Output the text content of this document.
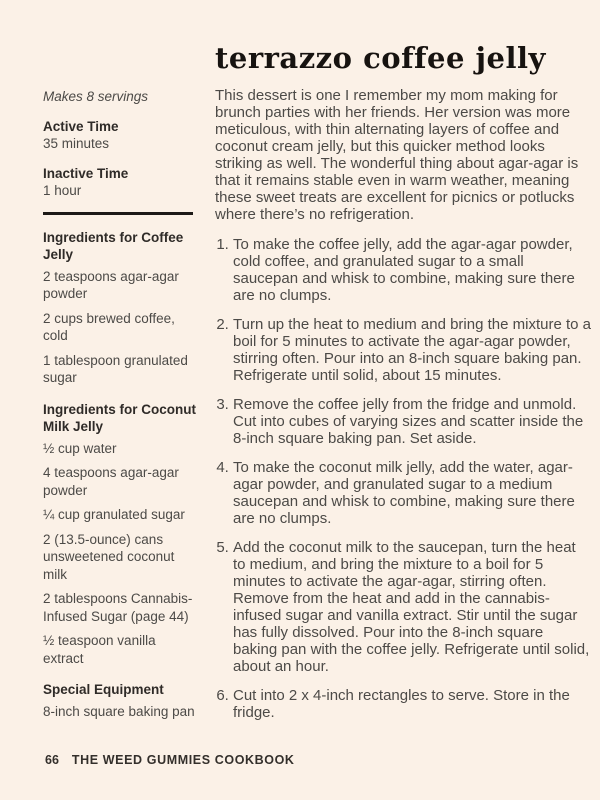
Makes 8 servings

Active Time

35 minutes

Inactive Time

1 hour

Ingredients for Coffee Jelly
2 teaspoons agar-agar powder
2 cups brewed coffee, cold
1 tablespoon granulated sugar
Ingredients for Coconut Milk Jelly
½ cup water
4 teaspoons agar-agar powder
¼ cup granulated sugar
2 (13.5-ounce) cans unsweetened coconut milk
2 tablespoons Cannabis-Infused Sugar (page 44)
½ teaspoon vanilla extract
Special Equipment
8-inch square baking pan
terrazzo coffee jelly

This dessert is one I remember my mom making for brunch parties with her friends. Her version was more meticulous, with thin alternating layers of coffee and coconut cream jelly, but this quicker method looks striking as well. The wonderful thing about agar-agar is that it remains stable even in warm weather, meaning these sweet treats are excellent for picnics or potlucks where there’s no refrigeration.

1. To make the coffee jelly, add the agar-agar powder, cold coffee, and granulated sugar to a small saucepan and whisk to combine, making sure there are no clumps.
2. Turn up the heat to medium and bring the mixture to a boil for 5 minutes to activate the agar-agar powder, stirring often. Pour into an 8-inch square baking pan. Refrigerate until solid, about 15 minutes.
3. Remove the coffee jelly from the fridge and unmold. Cut into cubes of varying sizes and scatter inside the 8-inch square baking pan. Set aside.
4. To make the coconut milk jelly, add the water, agar-agar powder, and granulated sugar to a medium saucepan and whisk to combine, making sure there are no clumps.
5. Add the coconut milk to the saucepan, turn the heat to medium, and bring the mixture to a boil for 5 minutes to activate the agar-agar, stirring often. Remove from the heat and add in the cannabis-infused sugar and vanilla extract. Stir until the sugar has fully dissolved. Pour into the 8-inch square baking pan with the coffee jelly. Refrigerate until solid, about an hour.
6. Cut into 2 x 4-inch rectangles to serve. Store in the fridge.
66 THE WEED GUMMIES COOKBOOK
